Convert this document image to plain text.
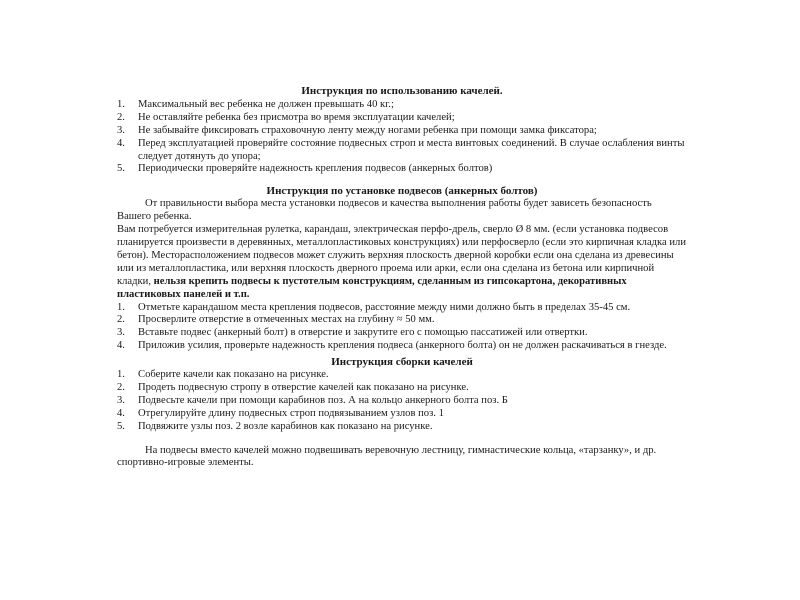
Инструкция по использованию качелей.
1. Максимальный вес ребенка не должен превышать 40 кг.;
2. Не оставляйте ребенка без присмотра во время эксплуатации качелей;
3. Не забывайте фиксировать страховочную ленту между ногами ребенка при помощи замка фиксатора;
4. Перед эксплуатацией проверяйте состояние подвесных строп и места винтовых соединений. В случае ослабления винты следует дотянуть до упора;
5. Периодически проверяйте надежность крепления подвесов (анкерных болтов)
Инструкция по установке подвесов (анкерных болтов)

От правильности выбора места установки подвесов и качества выполнения работы будет зависеть безопасность Вашего ребенка.

Вам потребуется измерительная рулетка, карандаш, электрическая перфо-дрель, сверло Ø 8 мм. (если установка подвесов планируется произвести в деревянных, металлопластиковых конструкциях) или перфосверло (если это кирпичная кладка или бетон). Месторасположением подвесов может служить верхняя плоскость дверной коробки если она сделана из древесины или из металлопластика, или верхняя плоскость дверного проема или арки, если она сделана из бетона или кирпичной кладки, нельзя крепить подвесы к пустотелым конструкциям, сделанным из гипсокартона, декоративных пластиковых панелей и т.п.

1. Отметьте карандашом места крепления подвесов, расстояние между ними должно быть в пределах 35-45 см.
2. Просверлите отверстие в отмеченных местах на глубину ≈ 50 мм.
3. Вставьте подвес (анкерный болт) в отверстие и закрутите его с помощью пассатижей или отвертки.
4. Приложив усилия, проверьте надежность крепления подвеса (анкерного болта) он не должен раскачиваться в гнезде.
Инструкция сборки качелей
1. Соберите качели как показано на рисунке.
2. Продеть подвесную стропу в отверстие качелей как показано на рисунке.
3. Подвесьте качели при помощи карабинов поз. А на кольцо анкерного болта поз. Б
4. Отрегулируйте длину подвесных строп подвязыванием узлов поз. 1
5. Подвяжите узлы поз. 2 возле карабинов как показано на рисунке.

На подвесы вместо качелей можно подвешивать веревочную лестницу, гимнастические кольца, «тарзанку», и др. спортивно-игровые элементы.
